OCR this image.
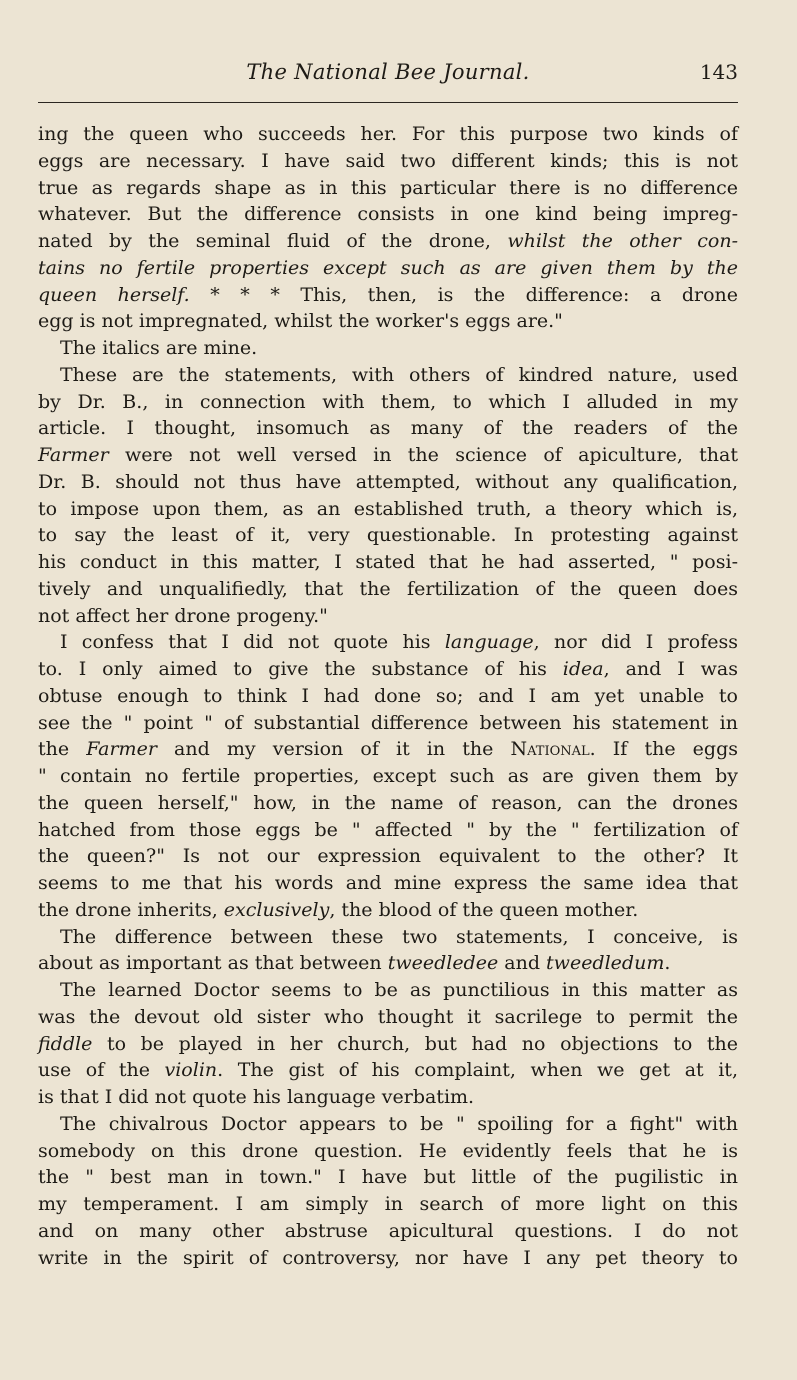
The National Bee Journal.	143

ing the queen who succeeds her. For this purpose two kinds of
eggs are necessary. I have said two different kinds; this is not
true as regards shape as in this particular there is no difference
whatever. But the difference consists in one kind being impreg-
nated by the seminal fluid of the drone, whilst the other con-
tains no fertile properties except such as are given them by the
queen herself. * * * This, then, is the difference: a drone
egg is not impregnated, whilst the worker's eggs are."

The italics are mine.

These are the statements, with others of kindred nature, used
by Dr. B., in connection with them, to which I alluded in my
article. I thought, insomuch as many of the readers of the
Farmer were not well versed in the science of apiculture, that
Dr. B. should not thus have attempted, without any qualification,
to impose upon them, as an established truth, a theory which is,
to say the least of it, very questionable. In protesting against
his conduct in this matter, I stated that he had asserted, " posi-
tively and unqualifiedly, that the fertilization of the queen does
not affect her drone progeny."

I confess that I did not quote his language, nor did I profess
to. I only aimed to give the substance of his idea, and I was
obtuse enough to think I had done so; and I am yet unable to
see the " point " of substantial difference between his statement in
the Farmer and my version of it in the National. If the eggs
" contain no fertile properties, except such as are given them by
the queen herself," how, in the name of reason, can the drones
hatched from those eggs be " affected " by the " fertilization of
the queen?" Is not our expression equivalent to the other? It
seems to me that his words and mine express the same idea that
the drone inherits, exclusively, the blood of the queen mother.

The difference between these two statements, I conceive, is
about as important as that between tweedledee and tweedledum.

The learned Doctor seems to be as punctilious in this matter as
was the devout old sister who thought it sacrilege to permit the
fiddle to be played in her church, but had no objections to the
use of the violin. The gist of his complaint, when we get at it,
is that I did not quote his language verbatim.

The chivalrous Doctor appears to be " spoiling for a fight" with
somebody on this drone question. He evidently feels that he is
the " best man in town." I have but little of the pugilistic in
my temperament. I am simply in search of more light on this
and on many other abstruse apicultural questions. I do not
write in the spirit of controversy, nor have I any pet theory to
